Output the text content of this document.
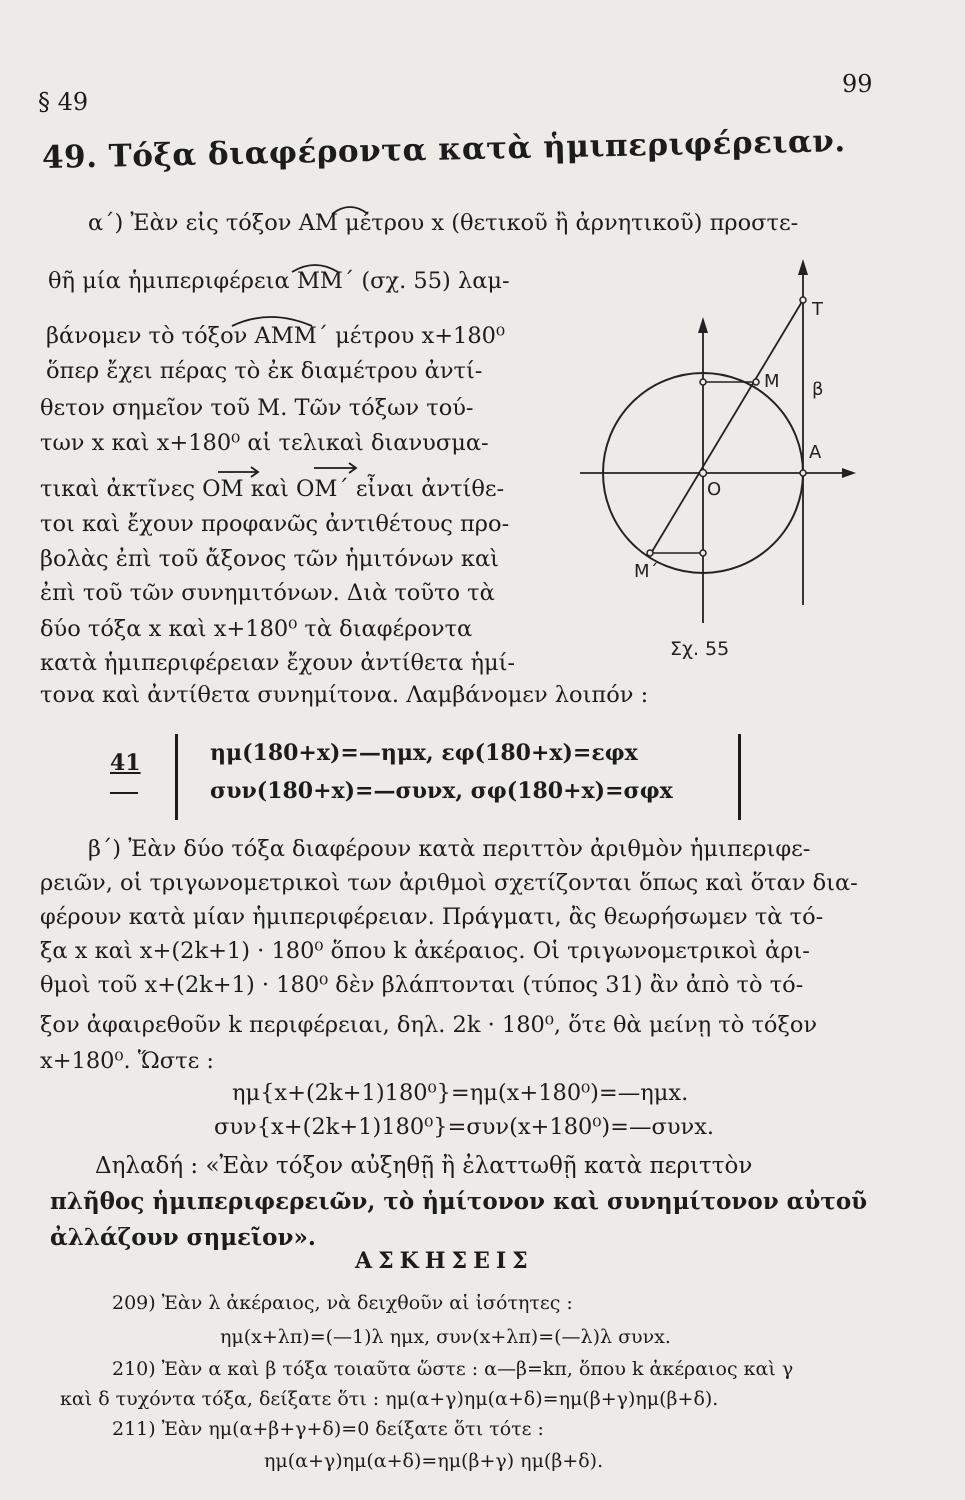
§ 49
99
49. Τόξα διαφέροντα κατὰ ἡμιπεριφέρειαν.
α΄) Ἐὰν εἰς τόξον ΑΜ μέτρου x (θετικοῦ ἢ ἀρνητικοῦ) προστε-
θῆ μία ἡμιπεριφέρεια ΜΜ΄ (σχ. 55) λαμ-
βάνομεν τὸ τόξον ΑΜΜ΄ μέτρου x+180⁰
ὅπερ ἔχει πέρας τὸ ἐκ διαμέτρου ἀντί-
θετον σημεῖον τοῦ Μ. Τῶν τόξων τού-
των x καὶ x+180⁰ αἱ τελικαὶ διανυσμα-
τικαὶ ἀκτῖνες ΟΜ καὶ ΟΜ΄ εἶναι ἀντίθε-
τοι καὶ ἔχουν προφανῶς ἀντιθέτους προ-
βολὰς ἐπὶ τοῦ ἄξονος τῶν ἡμιτόνων καὶ
ἐπὶ τοῦ τῶν συνημιτόνων. Διὰ τοῦτο τὰ
δύο τόξα x καὶ x+180⁰ τὰ διαφέροντα
κατὰ ἡμιπεριφέρειαν ἔχουν ἀντίθετα ἡμί-
τονα καὶ ἀντίθετα συνημίτονα. Λαμβάνομεν λοιπόν :
T
M β
A
O
M΄
Σχ. 55
41	ημ(180+x)=—ημx, εφ(180+x)=εφx
συν(180+x)=—συνx, σφ(180+x)=σφx
β΄) Ἐὰν δύο τόξα διαφέρουν κατὰ περιττὸν ἀριθμὸν ἡμιπεριφε-
ρειῶν, οἱ τριγωνομετρικοὶ των ἀριθμοὶ σχετίζονται ὅπως καὶ ὅταν δια-
φέρουν κατὰ μίαν ἡμιπεριφέρειαν. Πράγματι, ἂς θεωρήσωμεν τὰ τό-
ξα x καὶ x+(2k+1) · 180⁰ ὅπου k ἀκέραιος. Οἱ τριγωνομετρικοὶ ἀρι-
θμοὶ τοῦ x+(2k+1) · 180⁰ δὲν βλάπτονται (τύπος 31) ἂν ἀπὸ τὸ τό-
ξον ἀφαιρεθοῦν k περιφέρειαι, δηλ. 2k · 180⁰, ὅτε θὰ μείνῃ τὸ τόξον
x+180⁰. Ὥστε :
ημ{x+(2k+1)180⁰}=ημ(x+180⁰)=—ημx.
συν{x+(2k+1)180⁰}=συν(x+180⁰)=—συνx.
Δηλαδή : «Ἐὰν τόξον αὐξηθῇ ἢ ἐλαττωθῇ κατὰ περιττὸν
πλῆθος ἡμιπεριφερειῶν, τὸ ἡμίτονον καὶ συνημίτονον αὐτοῦ
ἀλλάζουν σημεῖον».
ΑΣΚΗΣΕΙΣ
209) Ἐὰν λ ἀκέραιος, νὰ δειχθοῦν αἱ ἰσότητες :
ημ(x+λπ)=(—1)λ ημx, συν(x+λπ)=(—λ)λ συνx.
210) Ἐὰν α καὶ β τόξα τοιαῦτα ὥστε : α—β=kπ, ὅπου k ἀκέραιος καὶ γ
καὶ δ τυχόντα τόξα, δείξατε ὅτι : ημ(α+γ)ημ(α+δ)=ημ(β+γ)ημ(β+δ).
211) Ἐὰν ημ(α+β+γ+δ)=0 δείξατε ὅτι τότε :
ημ(α+γ)ημ(α+δ)=ημ(β+γ) ημ(β+δ).
